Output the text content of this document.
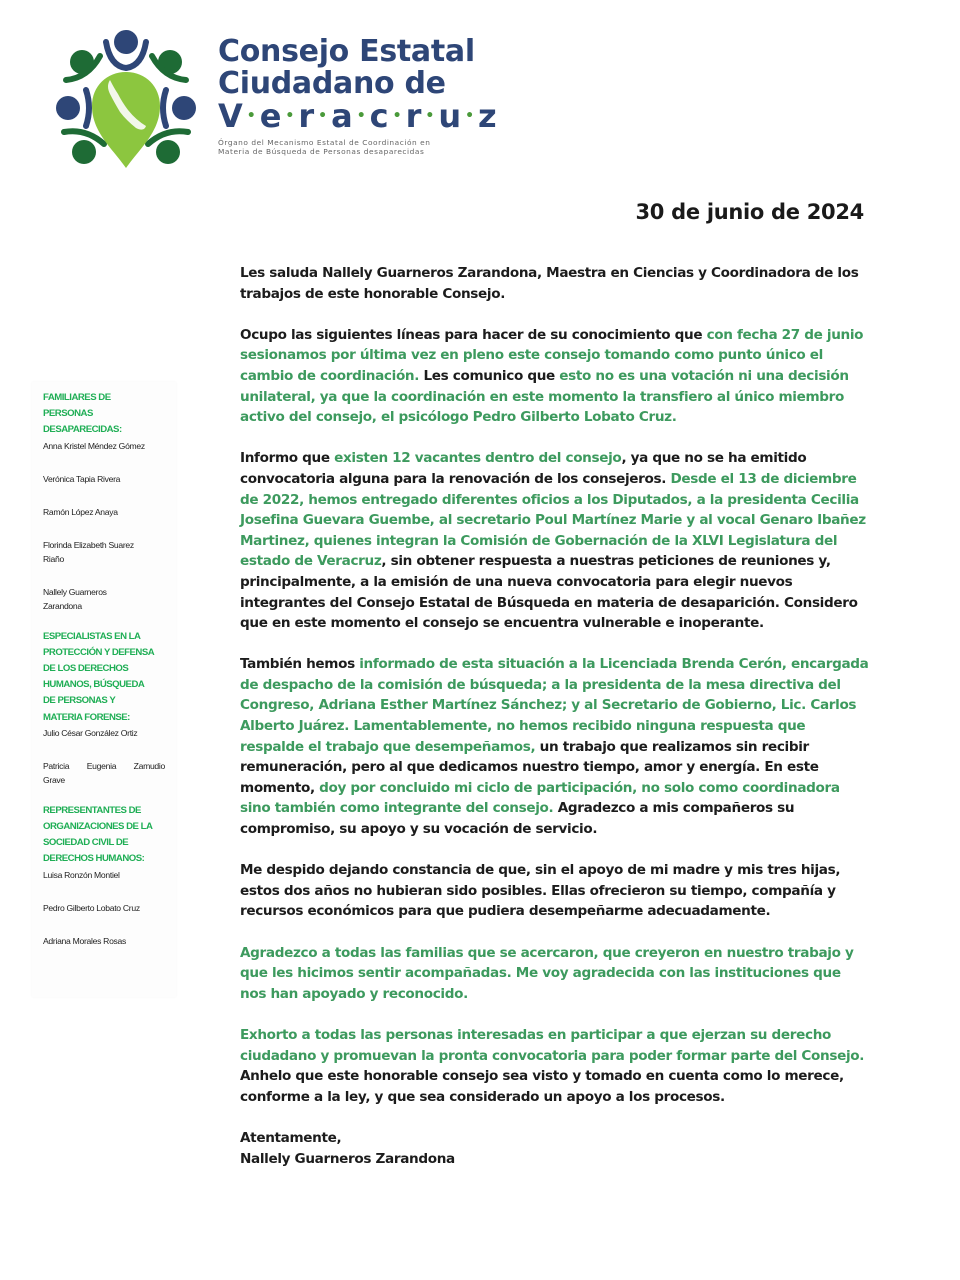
Consejo Estatal
Ciudadano de
V • e • r • a • c • r • u • z
Órgano del Mecanismo Estatal de Coordinación en
Materia de Búsqueda de Personas desaparecidas
30 de junio de 2024
FAMILIARES DE
PERSONAS
DESAPARECIDAS:
Anna Kristel Méndez Gómez
Verónica Tapia Rivera
Ramón López Anaya
Florinda Elizabeth Suarez Riaño
Nallely Guarneros Zarandona
ESPECIALISTAS EN LA
PROTECCIÓN Y DEFENSA
DE LOS DERECHOS
HUMANOS, BÚSQUEDA
DE PERSONAS Y
MATERIA FORENSE:
Julio César González Ortiz
Patricia Eugenia Zamudio Grave
REPRESENTANTES DE
ORGANIZACIONES DE LA
SOCIEDAD CIVIL DE
DERECHOS HUMANOS:
Luisa Ronzón Montiel
Pedro Gilberto Lobato Cruz
Adriana Morales Rosas

Les saluda Nallely Guarneros Zarandona, Maestra en Ciencias y Coordinadora de los trabajos de este honorable Consejo.

Ocupo las siguientes líneas para hacer de su conocimiento que con fecha 27 de junio sesionamos por última vez en pleno este consejo tomando como punto único el cambio de coordinación. Les comunico que esto no es una votación ni una decisión unilateral, ya que la coordinación en este momento la transfiero al único miembro activo del consejo, el psicólogo Pedro Gilberto Lobato Cruz.

Informo que existen 12 vacantes dentro del consejo, ya que no se ha emitido convocatoria alguna para la renovación de los consejeros. Desde el 13 de diciembre de 2022, hemos entregado diferentes oficios a los Diputados, a la presidenta Cecilia Josefina Guevara Guembe, al secretario Poul Martínez Marie y al vocal Genaro Ibañez Martinez, quienes integran la Comisión de Gobernación de la XLVI Legislatura del estado de Veracruz, sin obtener respuesta a nuestras peticiones de reuniones y, principalmente, a la emisión de una nueva convocatoria para elegir nuevos integrantes del Consejo Estatal de Búsqueda en materia de desaparición. Considero que en este momento el consejo se encuentra vulnerable e inoperante.

También hemos informado de esta situación a la Licenciada Brenda Cerón, encargada de despacho de la comisión de búsqueda; a la presidenta de la mesa directiva del Congreso, Adriana Esther Martínez Sánchez; y al Secretario de Gobierno, Lic. Carlos Alberto Juárez. Lamentablemente, no hemos recibido ninguna respuesta que respalde el trabajo que desempeñamos, un trabajo que realizamos sin recibir remuneración, pero al que dedicamos nuestro tiempo, amor y energía. En este momento, doy por concluido mi ciclo de participación, no solo como coordinadora sino también como integrante del consejo. Agradezco a mis compañeros su compromiso, su apoyo y su vocación de servicio.

Me despido dejando constancia de que, sin el apoyo de mi madre y mis tres hijas, estos dos años no hubieran sido posibles. Ellas ofrecieron su tiempo, compañía y recursos económicos para que pudiera desempeñarme adecuadamente.

Agradezco a todas las familias que se acercaron, que creyeron en nuestro trabajo y que les hicimos sentir acompañadas. Me voy agradecida con las instituciones que nos han apoyado y reconocido.

Exhorto a todas las personas interesadas en participar a que ejerzan su derecho ciudadano y promuevan la pronta convocatoria para poder formar parte del Consejo. Anhelo que este honorable consejo sea visto y tomado en cuenta como lo merece, conforme a la ley, y que sea considerado un apoyo a los procesos.

Atentamente,
Nallely Guarneros Zarandona
